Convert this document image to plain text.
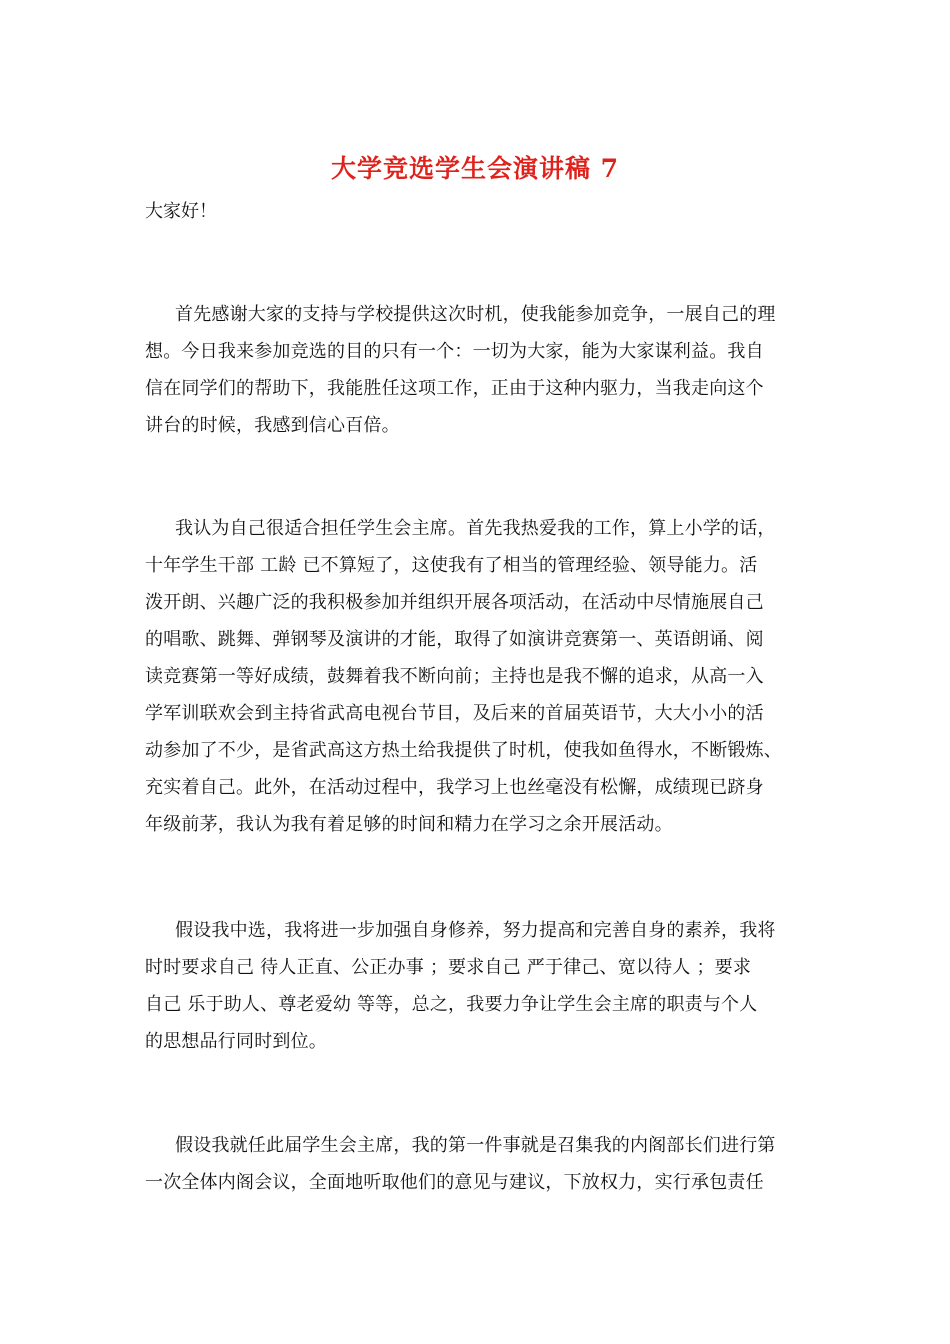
大学竞选学生会演讲稿 7
大家好！
首先感谢大家的支持与学校提供这次时机，使我能参加竞争，一展自己的理
想。今日我来参加竞选的目的只有一个：一切为大家，能为大家谋利益。我自
信在同学们的帮助下，我能胜任这项工作，正由于这种内驱力，当我走向这个
讲台的时候，我感到信心百倍。
我认为自己很适合担任学生会主席。首先我热爱我的工作，算上小学的话，
十年学生干部 工龄 已不算短了，这使我有了相当的管理经验、领导能力。活
泼开朗、兴趣广泛的我积极参加并组织开展各项活动，在活动中尽情施展自己
的唱歌、跳舞、弹钢琴及演讲的才能，取得了如演讲竞赛第一、英语朗诵、阅
读竞赛第一等好成绩，鼓舞着我不断向前；主持也是我不懈的追求，从高一入
学军训联欢会到主持省武高电视台节目，及后来的首届英语节，大大小小的活
动参加了不少，是省武高这方热土给我提供了时机，使我如鱼得水，不断锻炼、
充实着自己。此外，在活动过程中，我学习上也丝毫没有松懈，成绩现已跻身
年级前茅，我认为我有着足够的时间和精力在学习之余开展活动。
假设我中选，我将进一步加强自身修养，努力提高和完善自身的素养，我将
时时要求自己 待人正直、公正办事 ；要求自己 严于律己、宽以待人 ；要求
自己 乐于助人、尊老爱幼 等等，总之，我要力争让学生会主席的职责与个人
的思想品行同时到位。
假设我就任此届学生会主席，我的第一件事就是召集我的内阁部长们进行第
一次全体内阁会议，全面地听取他们的意见与建议，下放权力，实行承包责任
